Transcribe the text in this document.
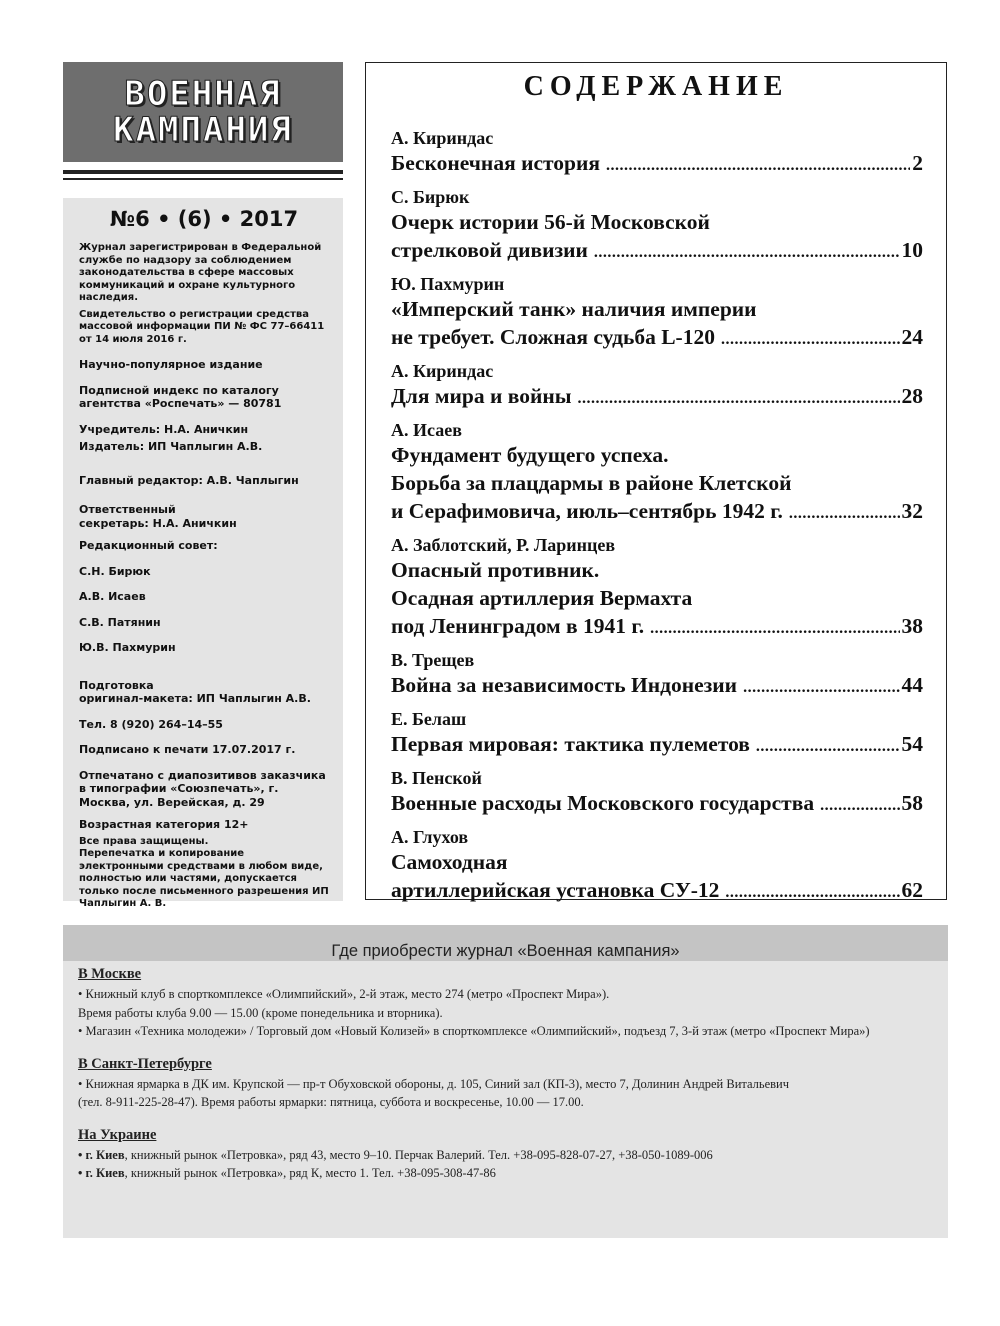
ВОЕННАЯ
КАМПАНИЯ
№6 • (6) • 2017

Журнал зарегистрирован в Федеральной службе по надзору за соблюдением законодательства в сфере массовых коммуникаций и охране культурного наследия.

Свидетельство о регистрации средства массовой информации ПИ № ФС 77–66411 от 14 июля 2016 г.

Научно-популярное издание

Подписной индекс по каталогу агентства «Роспечать» — 80781

Учредитель: Н.А. Аничкин

Издатель: ИП Чаплыгин А.В.

Главный редактор: А.В. Чаплыгин

Ответственный

секретарь: Н.А. Аничкин

Редакционный совет:

С.Н. Бирюк

А.В. Исаев

С.В. Патянин

Ю.В. Пахмурин

Подготовка

оригинал-макета: ИП Чаплыгин А.В.

Тел. 8 (920) 264–14–55

Подписано к печати 17.07.2017 г.

Отпечатано с диапозитивов заказчика в типографии «Союзпечать», г. Москва, ул. Верейская, д. 29

Возрастная категория 12+

Все права защищены.

Перепечатка и копирование электронными средствами в любом виде, полностью или частями, допускается только после письменного разрешения ИП Чаплыгин А. В.

СОДЕРЖАНИЕ
А. Кириндас
Бесконечная история .....	2
С. Бирюк
Очерк истории 56-й Московской
стрелковой дивизии .....	10
Ю. Пахмурин
«Имперский танк» наличия империи
не требует. Сложная судьба L-120 .....	24
А. Кириндас
Для мира и войны .....	28
А. Исаев
Фундамент будущего успеха.
Борьба за плацдармы в районе Клетской
и Серафимовича, июль–сентябрь 1942 г. .....	32
А. Заблотский, Р. Ларинцев
Опасный противник.
Осадная артиллерия Вермахта
под Ленинградом в 1941 г. .....	38
В. Трещев
Война за независимость Индонезии .....	44
Е. Белаш
Первая мировая: тактика пулеметов .....	54
В. Пенской
Военные расходы Московского государства .....	58
А. Глухов
Самоходная
артиллерийская установка СУ-12 .....	62
Где приобрести журнал «Военная кампания»
В Москве

• Книжный клуб в спорткомплексе «Олимпийский», 2-й этаж, место 274 (метро «Проспект Мира»).

Время работы клуба 9.00 — 15.00 (кроме понедельника и вторника).

• Магазин «Техника молодежи» / Торговый дом «Новый Колизей» в спорткомплексе «Олимпийский», подъезд 7, 3-й этаж (метро «Проспект Мира»)

В Санкт-Петербурге

• Книжная ярмарка в ДК им. Крупской — пр-т Обуховской обороны, д. 105, Синий зал (КП-3), место 7, Долинин Андрей Витальевич

(тел. 8-911-225-28-47). Время работы ярмарки: пятница, суббота и воскресенье, 10.00 — 17.00.

На Украине

• г. Киев, книжный рынок «Петровка», ряд 43, место 9–10. Перчак Валерий. Тел. +38-095-828-07-27, +38-050-1089-006

• г. Киев, книжный рынок «Петровка», ряд К, место 1. Тел. +38-095-308-47-86
